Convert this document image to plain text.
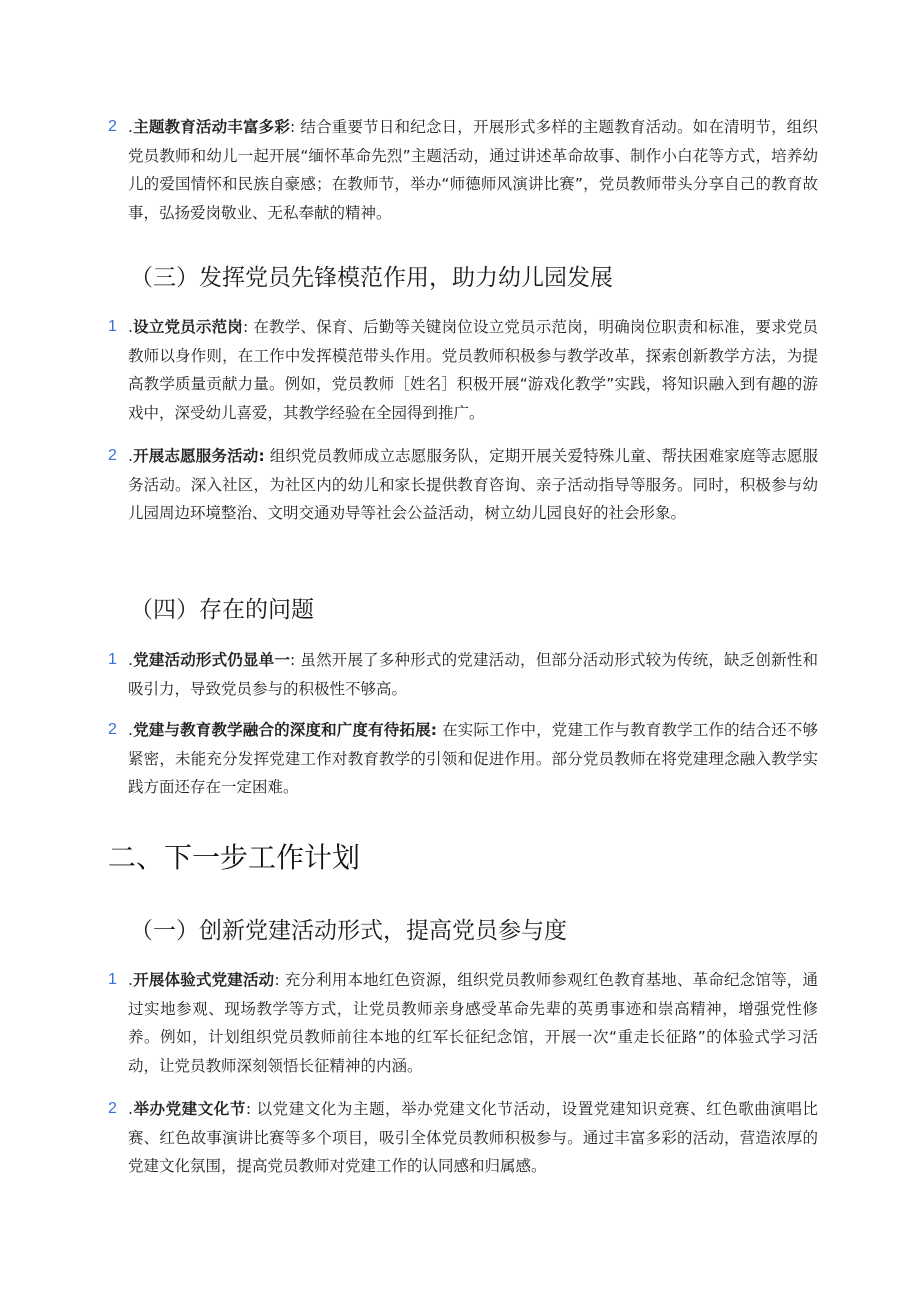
2 .主题教育活动丰富多彩: 结合重要节日和纪念日，开展形式多样的主题教育活动。如在清明节，组织党员教师和幼儿一起开展“缅怀革命先烈”主题活动，通过讲述革命故事、制作小白花等方式，培养幼儿的爱国情怀和民族自豪感；在教师节，举办“师德师风演讲比赛”，党员教师带头分享自己的教育故事，弘扬爱岗敬业、无私奉献的精神。
（三）发挥党员先锋模范作用，助力幼儿园发展
1 .设立党员示范岗: 在教学、保育、后勤等关键岗位设立党员示范岗，明确岗位职责和标准，要求党员教师以身作则，在工作中发挥模范带头作用。党员教师积极参与教学改革，探索创新教学方法，为提高教学质量贡献力量。例如，党员教师［姓名］积极开展“游戏化教学”实践，将知识融入到有趣的游戏中，深受幼儿喜爱，其教学经验在全园得到推广。
2 .开展志愿服务活动: 组织党员教师成立志愿服务队，定期开展关爱特殊儿童、帮扶困难家庭等志愿服务活动。深入社区，为社区内的幼儿和家长提供教育咨询、亲子活动指导等服务。同时，积极参与幼儿园周边环境整治、文明交通劝导等社会公益活动，树立幼儿园良好的社会形象。
（四）存在的问题
1 .党建活动形式仍显单一: 虽然开展了多种形式的党建活动，但部分活动形式较为传统，缺乏创新性和吸引力，导致党员参与的积极性不够高。
2 .党建与教育教学融合的深度和广度有待拓展: 在实际工作中，党建工作与教育教学工作的结合还不够紧密，未能充分发挥党建工作对教育教学的引领和促进作用。部分党员教师在将党建理念融入教学实践方面还存在一定困难。
二、下一步工作计划
（一）创新党建活动形式，提高党员参与度
1 .开展体验式党建活动: 充分利用本地红色资源，组织党员教师参观红色教育基地、革命纪念馆等，通过实地参观、现场教学等方式，让党员教师亲身感受革命先辈的英勇事迹和崇高精神，增强党性修养。例如，计划组织党员教师前往本地的红军长征纪念馆，开展一次“重走长征路”的体验式学习活动，让党员教师深刻领悟长征精神的内涵。
2 .举办党建文化节: 以党建文化为主题，举办党建文化节活动，设置党建知识竞赛、红色歌曲演唱比赛、红色故事演讲比赛等多个项目，吸引全体党员教师积极参与。通过丰富多彩的活动，营造浓厚的党建文化氛围，提高党员教师对党建工作的认同感和归属感。
